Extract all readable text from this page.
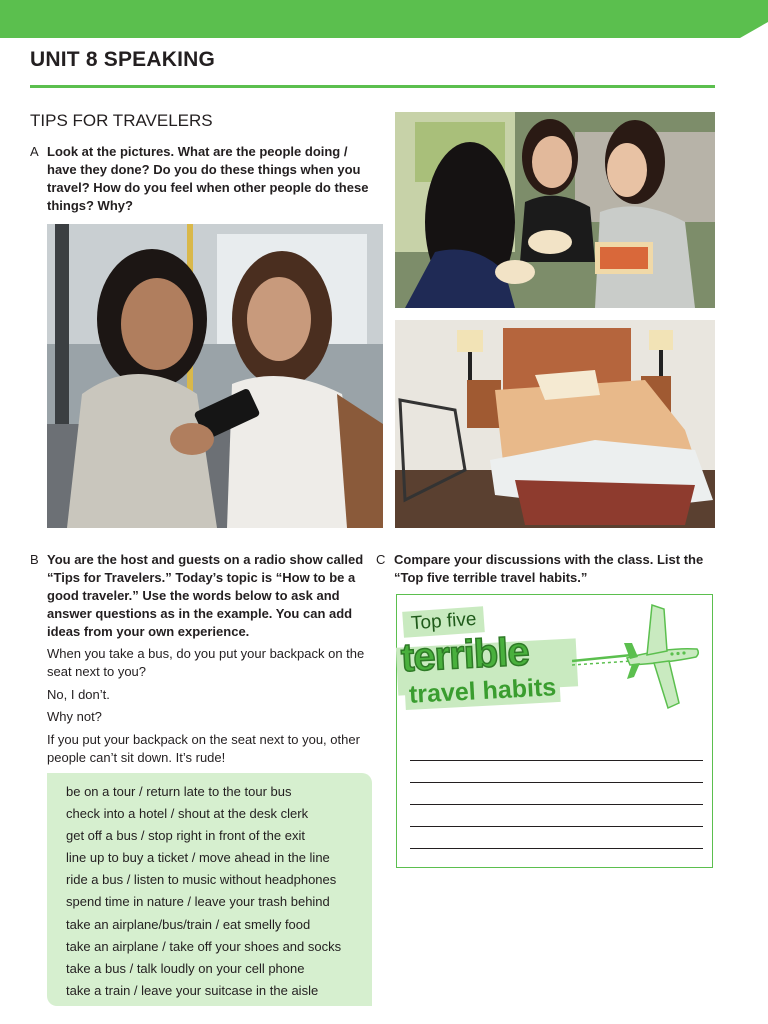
UNIT 8 SPEAKING
TIPS FOR TRAVELERS
A Look at the pictures. What are the people doing / have they done? Do you do these things when you travel? How do you feel when other people do these things? Why?
B You are the host and guests on a radio show called “Tips for Travelers.” Today’s topic is “How to be a good traveler.” Use the words below to ask and answer questions as in the example. You can add ideas from your own experience.
When you take a bus, do you put your backpack on the seat next to you?
No, I don’t.
Why not?
If you put your backpack on the seat next to you, other people can’t sit down. It’s rude!
be on a tour / return late to the tour bus
check into a hotel / shout at the desk clerk
get off a bus / stop right in front of the exit
line up to buy a ticket / move ahead in the line
ride a bus / listen to music without headphones
spend time in nature / leave your trash behind
take an airplane/bus/train / eat smelly food
take an airplane / take off your shoes and socks
take a bus / talk loudly on your cell phone
take a train / leave your suitcase in the aisle
C Compare your discussions with the class. List the “Top five terrible travel habits.”
Top five
terrible
travel habits
